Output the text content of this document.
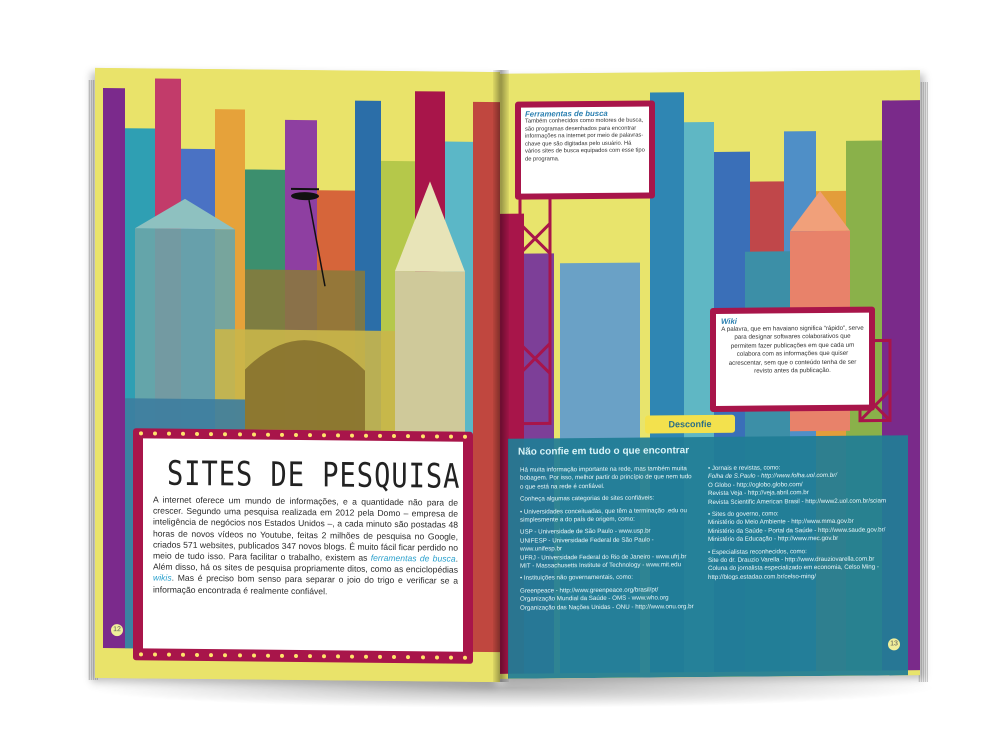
SITES DE PESQUISA
A internet oferece um mundo de informações, e a quantidade não para de crescer. Segundo uma pesquisa realizada em 2012 pela Domo – empresa de inteligência de negócios nos Estados Unidos –, a cada minuto são postadas 48 horas de novos vídeos no Youtube, feitas 2 milhões de pesquisa no Google, criados 571 websites, publicados 347 novos blogs. É muito fácil ficar perdido no meio de tudo isso. Para facilitar o trabalho, existem as ferramentas de busca. Além disso, há os sites de pesquisa propriamente ditos, como as enciclopédias wikis. Mas é preciso bom senso para separar o joio do trigo e verificar se a informação encontrada é realmente confiável.
12
Ferramentas de busca
Também conhecidos como motores de busca, são programas desenhados para encontrar informações na internet por meio de palavras-chave que são digitadas pelo usuário. Há vários sites de busca equipados com esse tipo de programa.
Wiki
A palavra, que em havaiano significa “rápido”, serve para designar softwares colaborativos que permitem fazer publicações em que cada um colabora com as informações que quiser acrescentar, sem que o conteúdo tenha de ser revisto antes da publicação.
Não confie em tudo o que encontrar

Há muita informação importante na rede, mas também muita bobagem. Por isso, melhor partir do princípio de que nem tudo o que está na rede é confiável.

Conheça algumas categorias de sites confiáveis:

• Universidades conceituadas, que têm a terminação .edu ou simplesmente a do país de origem, como:

USP - Universidade de São Paulo - www.usp.br
UNIFESP - Universidade Federal de São Paulo - www.unifesp.br
UFRJ - Universidade Federal do Rio de Janeiro - www.ufrj.br

MIT - Massachusetts Institute of Technology - www.mit.edu

• Instituições não governamentais, como:

Greenpeace - http://www.greenpeace.org/brasil/pt/
Organização Mundial da Saúde - OMS - www.who.org
Organização das Nações Unidas - ONU - http://www.onu.org.br
• Jornais e revistas, como:
Folha de S.Paulo - http://www.folha.uol.com.br/
O Globo - http://oglobo.globo.com/
Revista Veja - http://veja.abril.com.br

Revista Scientific American Brasil - http://www2.uol.com.br/sciam

• Sites do governo, como:
Ministério do Meio Ambiente - http://www.mma.gov.br
Ministério da Saúde - Portal da Saúde - http://www.saude.gov.br/

Ministério da Educação - http://www.mec.gov.br

• Especialistas reconhecidos, como:
Site do dr. Drauzio Varella - http://www.drauziovarella.com.br
Coluna do jornalista especializado em economia, Celso Ming - http://blogs.estadao.com.br/celso-ming/
Desconfie
13
